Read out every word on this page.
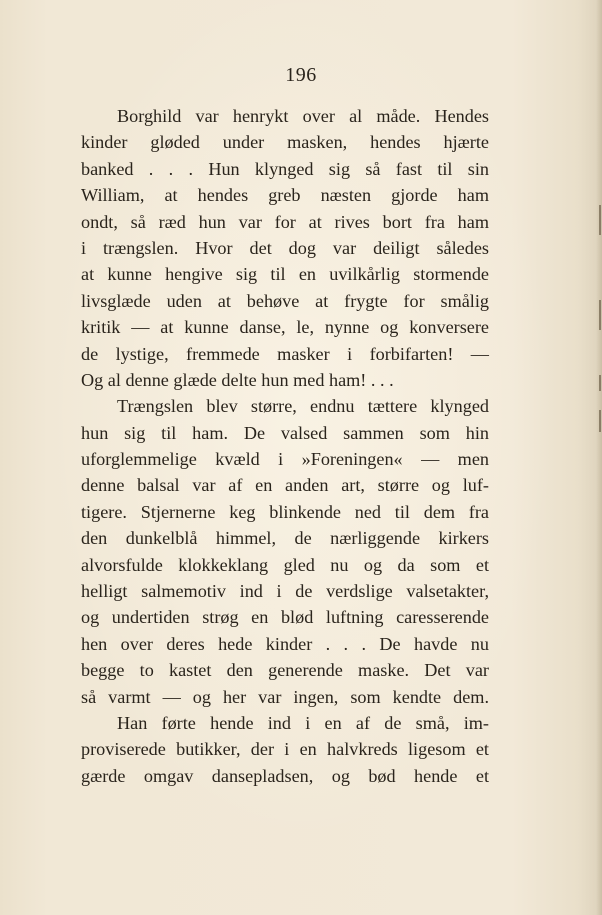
196
Borghild var henrykt over al måde. Hendes
kinder gløded under masken, hendes hjærte
banked . . . Hun klynged sig så fast til sin
William, at hendes greb næsten gjorde ham
ondt, så ræd hun var for at rives bort fra ham
i trængslen. Hvor det dog var deiligt således
at kunne hengive sig til en uvilkårlig stormende
livsglæde uden at behøve at frygte for smålig
kritik — at kunne danse, le, nynne og konversere
de lystige, fremmede masker i forbifarten! —
Og al denne glæde delte hun med ham! . . .
Trængslen blev større, endnu tættere klynged
hun sig til ham. De valsed sammen som hin
uforglemmelige kvæld i »Foreningen« — men
denne balsal var af en anden art, større og luf-
tigere. Stjernerne keg blinkende ned til dem fra
den dunkelblå himmel, de nærliggende kirkers
alvorsfulde klokkeklang gled nu og da som et
helligt salmemotiv ind i de verdslige valsetakter,
og undertiden strøg en blød luftning caresserende
hen over deres hede kinder . . . De havde nu
begge to kastet den generende maske. Det var
så varmt — og her var ingen, som kendte dem.
Han førte hende ind i en af de små, im-
proviserede butikker, der i en halvkreds ligesom et
gærde omgav dansepladsen, og bød hende et
